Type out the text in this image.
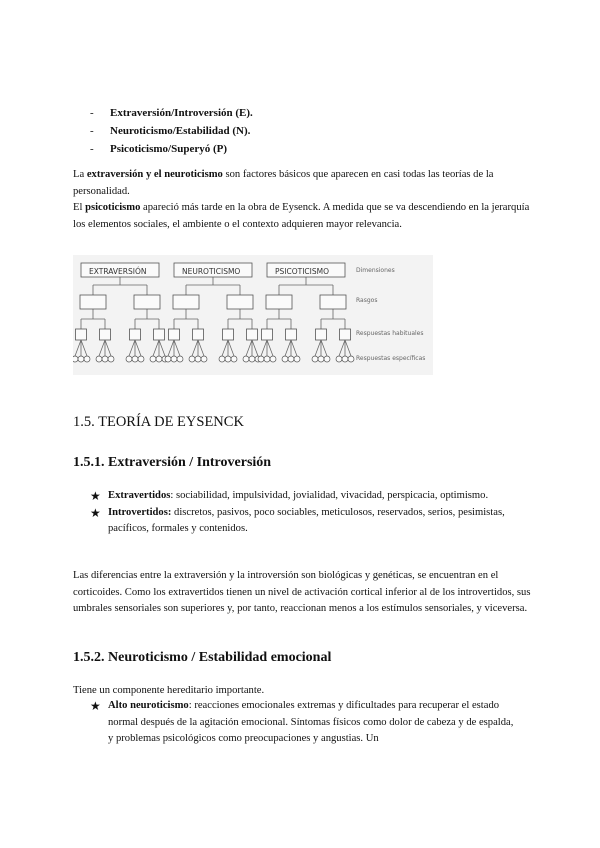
- Extraversión/Introversión (E).
- Neuroticismo/Estabilidad (N).
- Psicoticismo/Superyó (P)

La extraversión y el neuroticismo son factores básicos que aparecen en casi todas las teorías de la personalidad.

El psicoticismo apareció más tarde en la obra de Eysenck. A medida que se va descendiendo en la jerarquía los elementos sociales, el ambiente o el contexto adquieren mayor relevancia.

EXTRAVERSIÓN	NEUROTICISMO	PSICOTICISMO	Dimensiones
Rasgos
Respuestas habituales
Respuestas específicas
1.5. TEORÍA DE EYSENCK
1.5.1. Extraversión / Introversión
★ Extravertidos: sociabilidad, impulsividad, jovialidad, vivacidad, perspicacia, optimismo.
★ Introvertidos: discretos, pasivos, poco sociables, meticulosos, reservados, serios, pesimistas, pacíficos, formales y contenidos.

Las diferencias entre la extraversión y la introversión son biológicas y genéticas, se encuentran en el corticoides. Como los extravertidos tienen un nivel de activación cortical inferior al de los introvertidos, sus umbrales sensoriales son superiores y, por tanto, reaccionan menos a los estímulos sensoriales, y viceversa.

1.5.2. Neuroticismo / Estabilidad emocional

Tiene un componente hereditario importante.

★ Alto neuroticismo: reacciones emocionales extremas y dificultades para recuperar el estado normal después de la agitación emocional. Síntomas físicos como dolor de cabeza y de espalda, y problemas psicológicos como preocupaciones y angustias. Un
